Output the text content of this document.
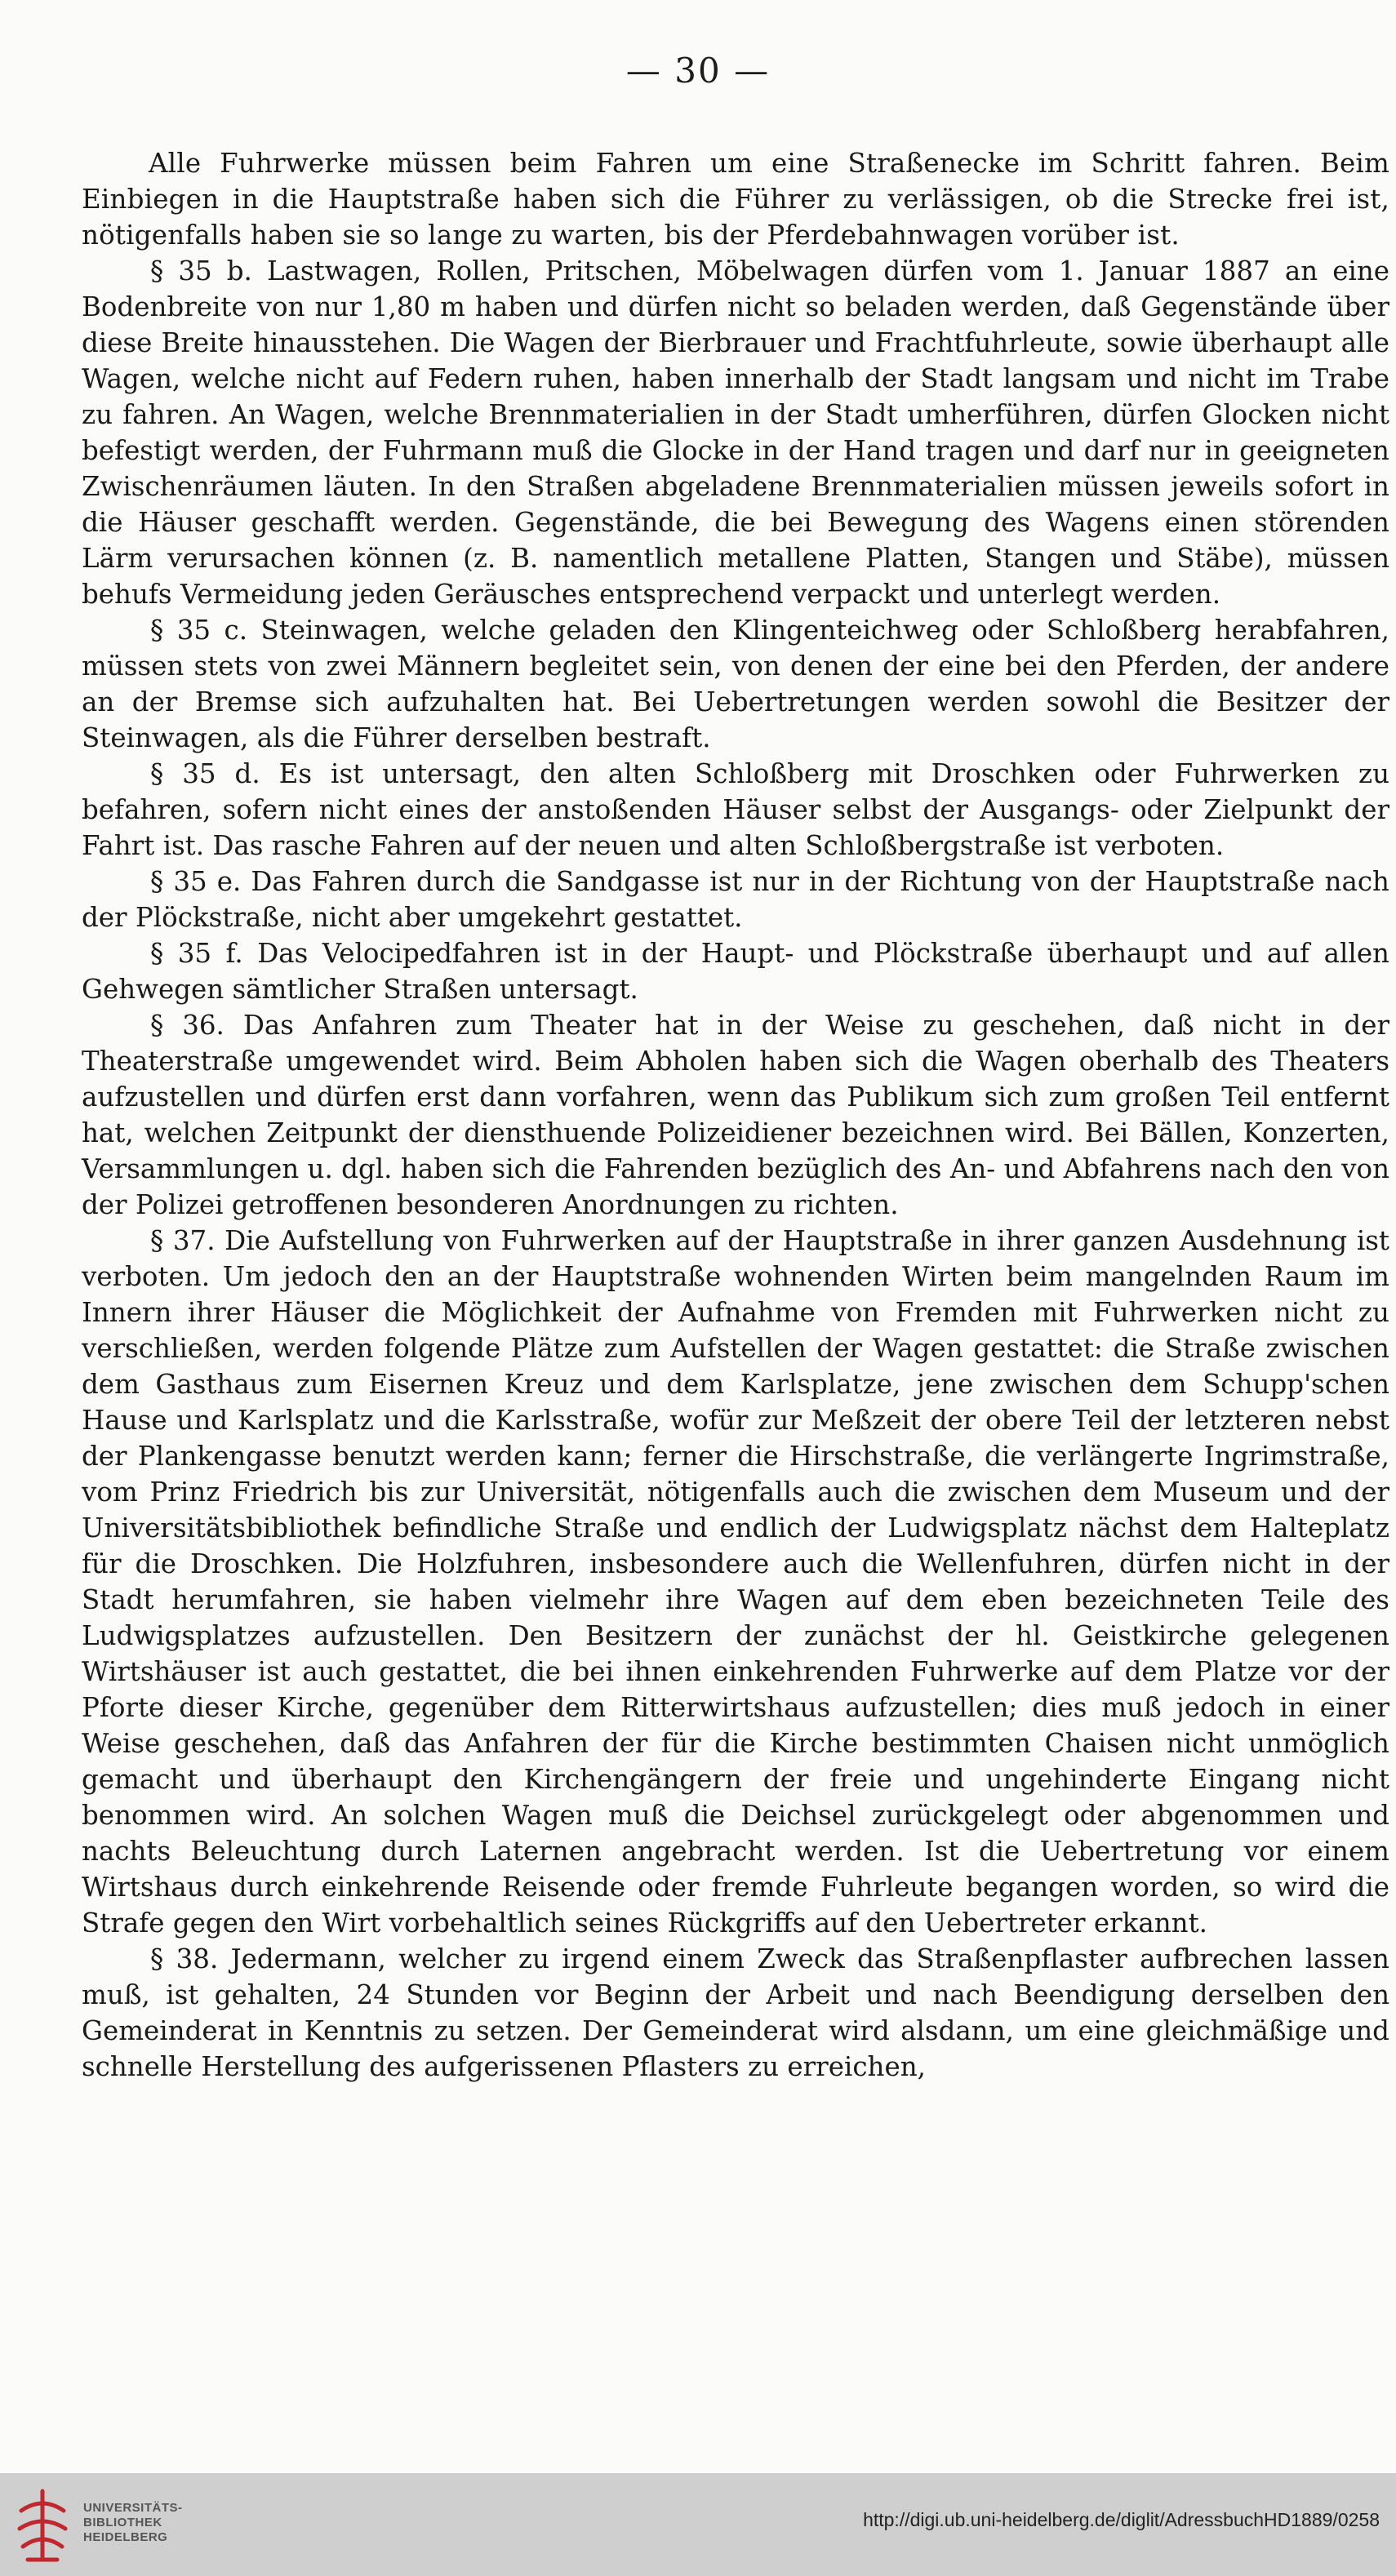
— 30 —

Alle Fuhrwerke müssen beim Fahren um eine Straßenecke im Schritt fahren. Beim Einbiegen in die Hauptstraße haben sich die Führer zu verlässigen, ob die Strecke frei ist, nötigenfalls haben sie so lange zu warten, bis der Pferdebahnwagen vorüber ist.

§ 35 b. Lastwagen, Rollen, Pritschen, Möbelwagen dürfen vom 1. Januar 1887 an eine Bodenbreite von nur 1,80 m haben und dürfen nicht so beladen werden, daß Gegenstände über diese Breite hinausstehen. Die Wagen der Bierbrauer und Frachtfuhrleute, sowie überhaupt alle Wagen, welche nicht auf Federn ruhen, haben innerhalb der Stadt langsam und nicht im Trabe zu fahren. An Wagen, welche Brennmaterialien in der Stadt umherführen, dürfen Glocken nicht befestigt werden, der Fuhrmann muß die Glocke in der Hand tragen und darf nur in geeigneten Zwischenräumen läuten. In den Straßen abgeladene Brennmaterialien müssen jeweils sofort in die Häuser geschafft werden. Gegenstände, die bei Bewegung des Wagens einen störenden Lärm verursachen können (z. B. namentlich metallene Platten, Stangen und Stäbe), müssen behufs Vermeidung jeden Geräusches entsprechend verpackt und unterlegt werden.

§ 35 c. Steinwagen, welche geladen den Klingenteichweg oder Schloßberg herabfahren, müssen stets von zwei Männern begleitet sein, von denen der eine bei den Pferden, der andere an der Bremse sich aufzuhalten hat. Bei Uebertretungen werden sowohl die Besitzer der Steinwagen, als die Führer derselben bestraft.

§ 35 d. Es ist untersagt, den alten Schloßberg mit Droschken oder Fuhrwerken zu befahren, sofern nicht eines der anstoßenden Häuser selbst der Ausgangs- oder Zielpunkt der Fahrt ist. Das rasche Fahren auf der neuen und alten Schloßbergstraße ist verboten.

§ 35 e. Das Fahren durch die Sandgasse ist nur in der Richtung von der Hauptstraße nach der Plöckstraße, nicht aber umgekehrt gestattet.

§ 35 f. Das Velocipedfahren ist in der Haupt- und Plöckstraße überhaupt und auf allen Gehwegen sämtlicher Straßen untersagt.

§ 36. Das Anfahren zum Theater hat in der Weise zu geschehen, daß nicht in der Theaterstraße umgewendet wird. Beim Abholen haben sich die Wagen oberhalb des Theaters aufzustellen und dürfen erst dann vorfahren, wenn das Publikum sich zum großen Teil entfernt hat, welchen Zeitpunkt der diensthuende Polizeidiener bezeichnen wird. Bei Bällen, Konzerten, Versammlungen u. dgl. haben sich die Fahrenden bezüglich des An- und Abfahrens nach den von der Polizei getroffenen besonderen Anordnungen zu richten.

§ 37. Die Aufstellung von Fuhrwerken auf der Hauptstraße in ihrer ganzen Ausdehnung ist verboten. Um jedoch den an der Hauptstraße wohnenden Wirten beim mangelnden Raum im Innern ihrer Häuser die Möglichkeit der Aufnahme von Fremden mit Fuhrwerken nicht zu verschließen, werden folgende Plätze zum Aufstellen der Wagen gestattet: die Straße zwischen dem Gasthaus zum Eisernen Kreuz und dem Karlsplatze, jene zwischen dem Schupp'schen Hause und Karlsplatz und die Karlsstraße, wofür zur Meßzeit der obere Teil der letzteren nebst der Plankengasse benutzt werden kann; ferner die Hirschstraße, die verlängerte Ingrimstraße, vom Prinz Friedrich bis zur Universität, nötigenfalls auch die zwischen dem Museum und der Universitätsbibliothek befindliche Straße und endlich der Ludwigsplatz nächst dem Halteplatz für die Droschken. Die Holzfuhren, insbesondere auch die Wellenfuhren, dürfen nicht in der Stadt herumfahren, sie haben vielmehr ihre Wagen auf dem eben bezeichneten Teile des Ludwigsplatzes aufzustellen. Den Besitzern der zunächst der hl. Geistkirche gelegenen Wirtshäuser ist auch gestattet, die bei ihnen einkehrenden Fuhrwerke auf dem Platze vor der Pforte dieser Kirche, gegenüber dem Ritterwirtshaus aufzustellen; dies muß jedoch in einer Weise geschehen, daß das Anfahren der für die Kirche bestimmten Chaisen nicht unmöglich gemacht und überhaupt den Kirchengängern der freie und ungehinderte Eingang nicht benommen wird. An solchen Wagen muß die Deichsel zurückgelegt oder abgenommen und nachts Beleuchtung durch Laternen angebracht werden. Ist die Uebertretung vor einem Wirtshaus durch einkehrende Reisende oder fremde Fuhrleute begangen worden, so wird die Strafe gegen den Wirt vorbehaltlich seines Rückgriffs auf den Uebertreter erkannt.

§ 38. Jedermann, welcher zu irgend einem Zweck das Straßenpflaster aufbrechen lassen muß, ist gehalten, 24 Stunden vor Beginn der Arbeit und nach Beendigung derselben den Gemeinderat in Kenntnis zu setzen. Der Gemeinderat wird alsdann, um eine gleichmäßige und schnelle Herstellung des aufgerissenen Pflasters zu erreichen,

UNIVERSITÄTS-
BIBLIOTHEK
HEIDELBERG
http://digi.ub.uni-heidelberg.de/diglit/AdressbuchHD1889/0258
